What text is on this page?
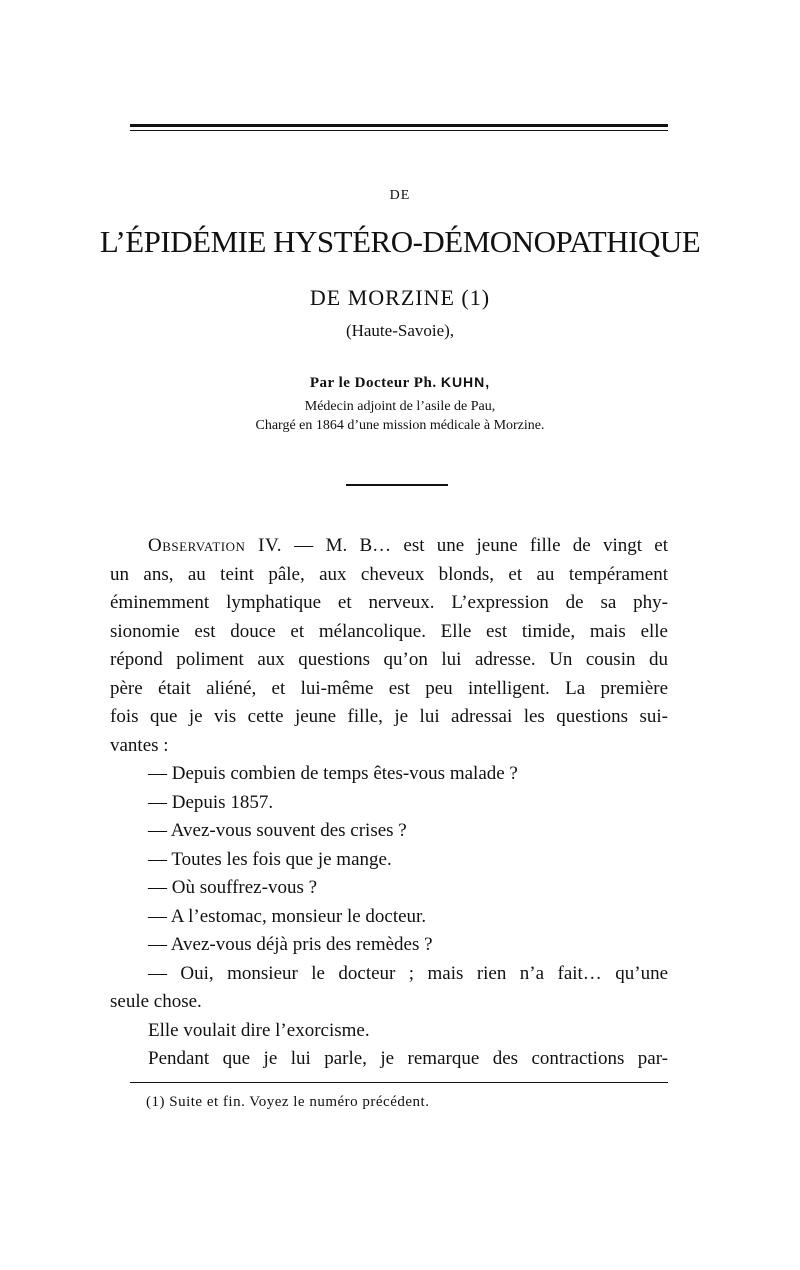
DE
L’ÉPIDÉMIE HYSTÉRO-DÉMONOPATHIQUE
DE MORZINE (1)
(Haute-Savoie),
Par le Docteur Ph. KUHN,
Médecin adjoint de l’asile de Pau,
Chargé en 1864 d’une mission médicale à Morzine.
Observation IV. — M. B… est une jeune fille de vingt et
un ans, au teint pâle, aux cheveux blonds, et au tempérament
éminemment lymphatique et nerveux. L’expression de sa phy-
sionomie est douce et mélancolique. Elle est timide, mais elle
répond poliment aux questions qu’on lui adresse. Un cousin du
père était aliéné, et lui-même est peu intelligent. La première
fois que je vis cette jeune fille, je lui adressai les questions sui-
vantes :
— Depuis combien de temps êtes-vous malade ?
— Depuis 1857.
— Avez-vous souvent des crises ?
— Toutes les fois que je mange.
— Où souffrez-vous ?
— A l’estomac, monsieur le docteur.
— Avez-vous déjà pris des remèdes ?
— Oui, monsieur le docteur ; mais rien n’a fait… qu’une
seule chose.
Elle voulait dire l’exorcisme.
Pendant que je lui parle, je remarque des contractions par-
(1) Suite et fin. Voyez le numéro précédent.
